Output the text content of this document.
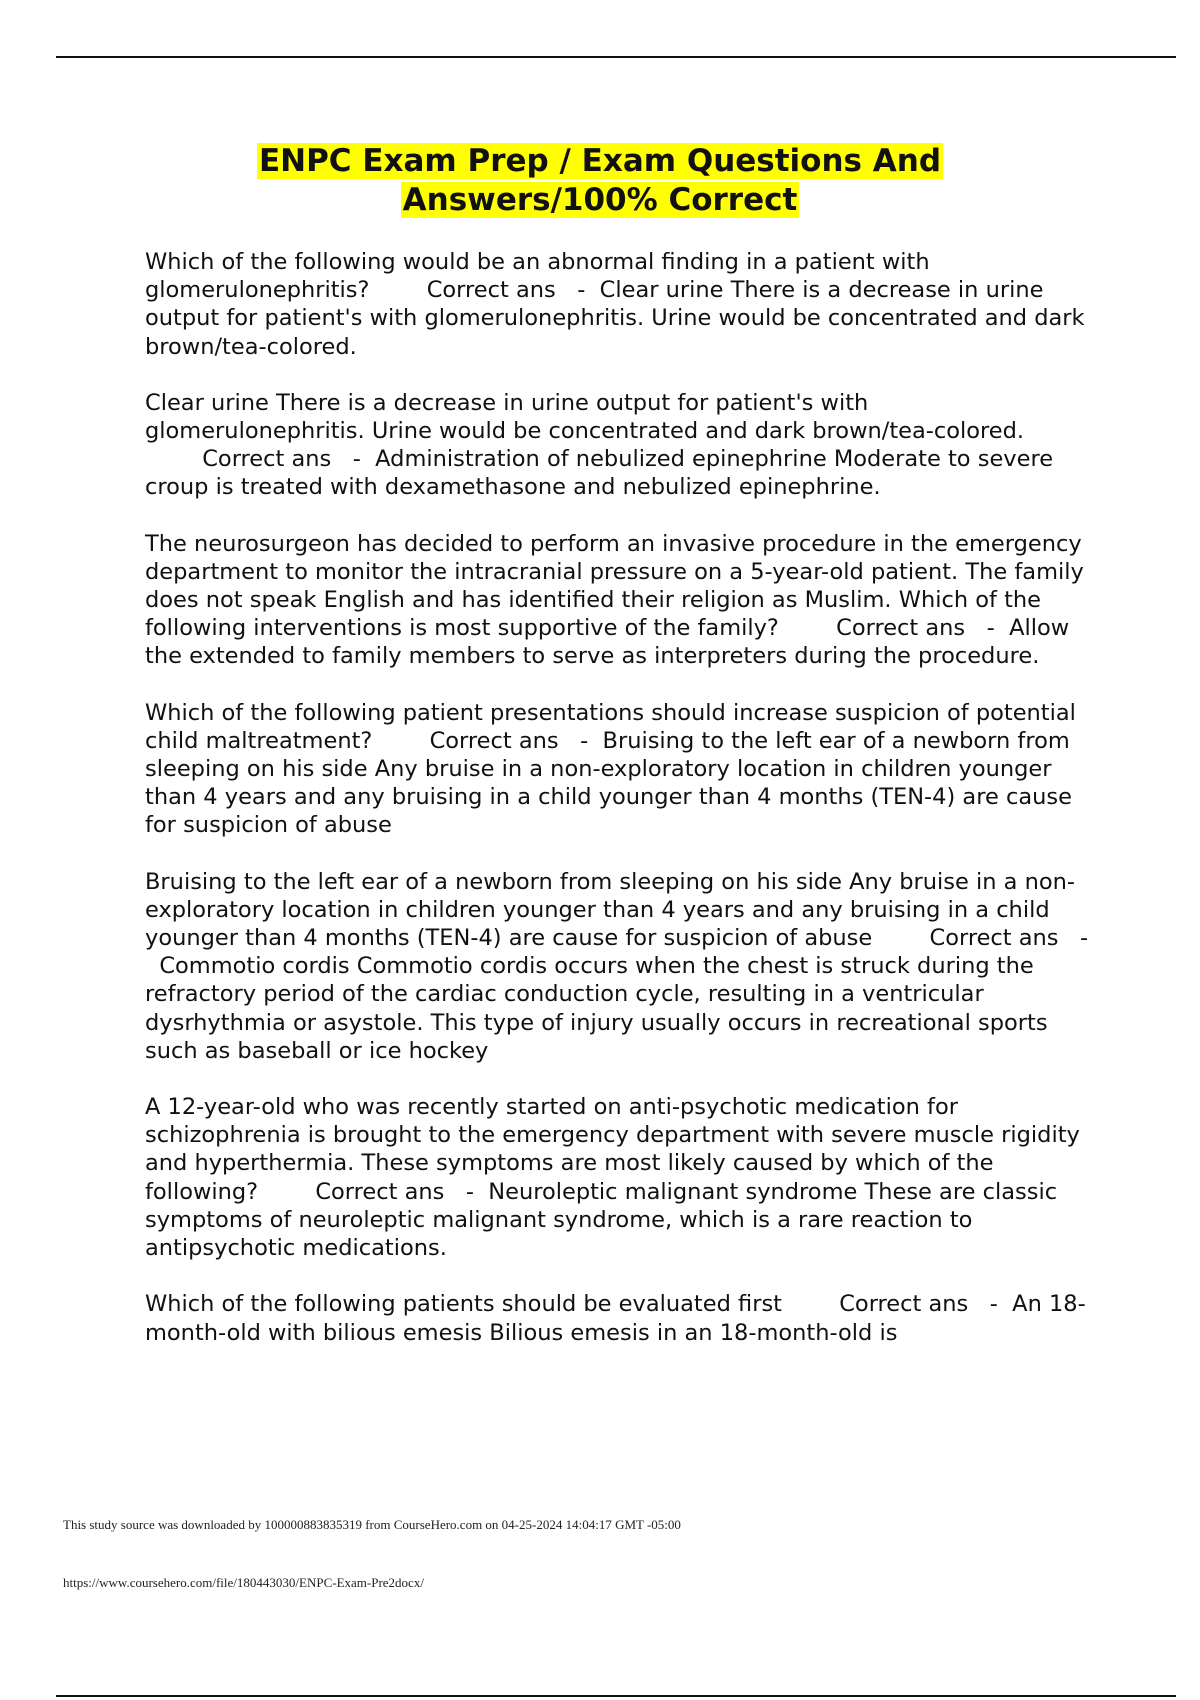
ENPC Exam Prep / Exam Questions And
Answers/100% Correct

Which of the following would be an abnormal finding in a patient with glomerulonephritis?	Correct ans - Clear urine There is a decrease in urine output for patient's with glomerulonephritis. Urine would be concentrated and dark brown/tea-colored.

Clear urine There is a decrease in urine output for patient's with glomerulonephritis. Urine would be concentrated and dark brown/tea-colored.        Correct ans - Administration of nebulized epinephrine Moderate to severe croup is treated with dexamethasone and nebulized epinephrine.

The neurosurgeon has decided to perform an invasive procedure in the emergency department to monitor the intracranial pressure on a 5-year-old patient. The family does not speak English and has identified their religion as Muslim. Which of the following interventions is most supportive of the family?	Correct ans - Allow the extended to family members to serve as interpreters during the procedure.

Which of the following patient presentations should increase suspicion of potential child maltreatment?	Correct ans - Bruising to the left ear of a newborn from sleeping on his side Any bruise in a non-exploratory location in children younger than 4 years and any bruising in a child younger than 4 months (TEN-4) are cause for suspicion of abuse

Bruising to the left ear of a newborn from sleeping on his side Any bruise in a non-exploratory location in children younger than 4 years and any bruising in a child younger than 4 months (TEN-4) are cause for suspicion of abuse	Correct ans -  Commotio cordis Commotio cordis occurs when the chest is struck during the refractory period of the cardiac conduction cycle, resulting in a ventricular dysrhythmia or asystole. This type of injury usually occurs in recreational sports such as baseball or ice hockey

A 12-year-old who was recently started on anti-psychotic medication for schizophrenia is brought to the emergency department with severe muscle rigidity and hyperthermia. These symptoms are most likely caused by which of the following?	Correct ans - Neuroleptic malignant syndrome These are classic symptoms of neuroleptic malignant syndrome, which is a rare reaction to antipsychotic medications.

Which of the following patients should be evaluated first	Correct ans - An 18-month-old with bilious emesis Bilious emesis in an 18-month-old is

This study source was downloaded by 100000883835319 from CourseHero.com on 04-25-2024 14:04:17 GMT -05:00
https://www.coursehero.com/file/180443030/ENPC-Exam-Pre2docx/
